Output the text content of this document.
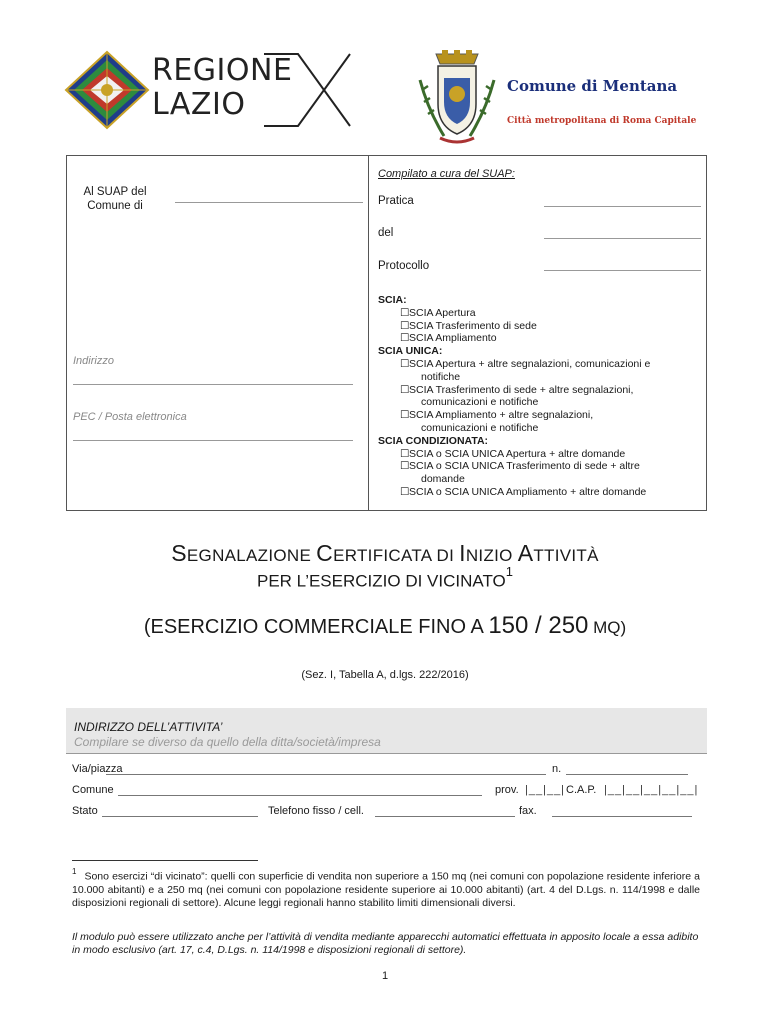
REGIONE
LAZIO
Comune di Mentana
Città metropolitana di Roma Capitale
Al SUAP del
Comune di
Indirizzo
PEC / Posta elettronica
Compilato a cura del SUAP:
Pratica
del
Protocollo
SCIA:
☐ SCIA Apertura
☐ SCIA Trasferimento di sede
☐ SCIA Ampliamento
SCIA UNICA:
☐ SCIA Apertura + altre segnalazioni, comunicazioni e
notifiche
☐ SCIA Trasferimento di sede + altre segnalazioni,
comunicazioni e notifiche
☐ SCIA Ampliamento + altre segnalazioni,
comunicazioni e notifiche
SCIA CONDIZIONATA:
☐ SCIA o SCIA UNICA Apertura + altre domande
☐ SCIA o SCIA UNICA Trasferimento di sede + altre
domande
☐ SCIA o SCIA UNICA Ampliamento + altre domande
SEGNALAZIONE CERTIFICATA DI INIZIO ATTIVITÀ
PER L’ESERCIZIO DI VICINATO$^1$
(ESERCIZIO COMMERCIALE FINO A 150 / 250 MQ)
(Sez. I, Tabella A, d.lgs. 222/2016)
INDIRIZZO DELL’ATTIVITA’
Compilare se diverso da quello della ditta/società/impresa
Via/piazza	n.
Comune	prov. |__|__| C.A.P. |__|__|__|__|__|
Stato	Telefono fisso / cell.	fax.
$^1$ Sono esercizi “di vicinato”: quelli con superficie di vendita non superiore a 150 mq (nei comuni con popolazione residente inferiore a 10.000 abitanti) e a 250 mq (nei comuni con popolazione residente superiore ai 10.000 abitanti) (art. 4 del D.Lgs. n. 114/1998 e dalle disposizioni regionali di settore). Alcune leggi regionali hanno stabilito limiti dimensionali diversi.
Il modulo può essere utilizzato anche per l’attività di vendita mediante apparecchi automatici effettuata in apposito locale a essa adibito in modo esclusivo (art. 17, c.4, D.Lgs. n. 114/1998 e disposizioni regionali di settore).
1
